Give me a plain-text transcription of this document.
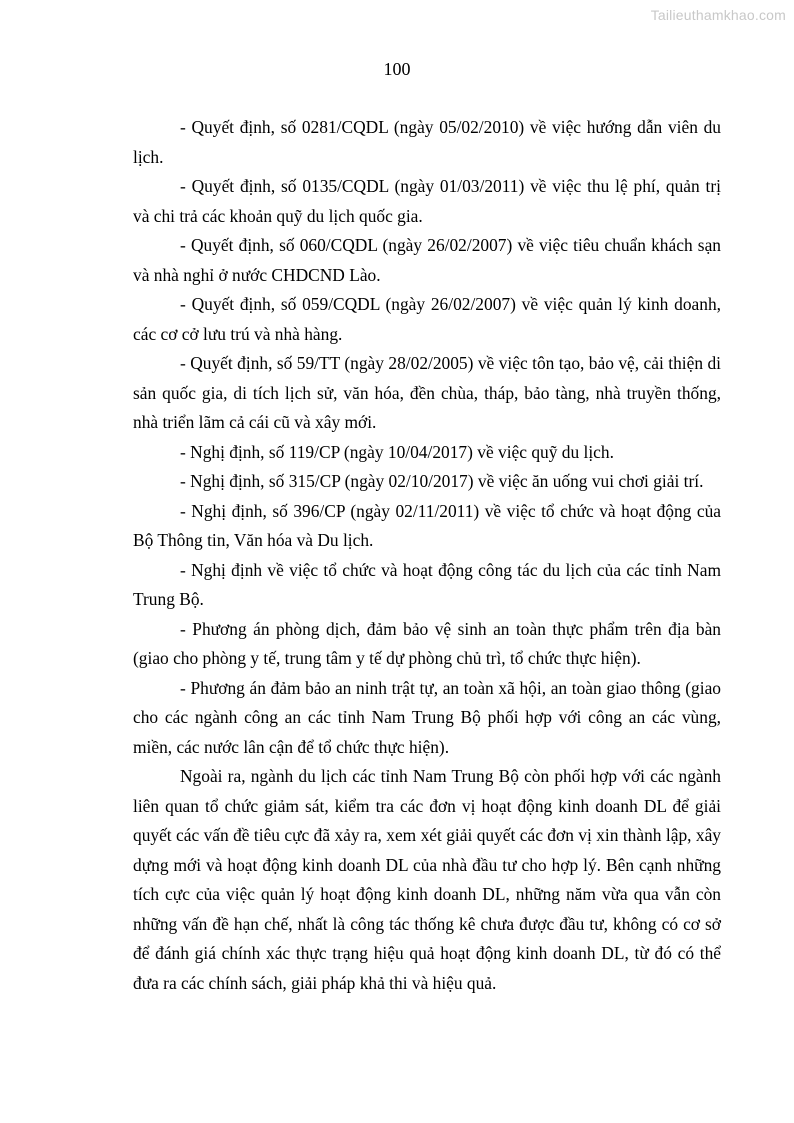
Tailieuthamkhao.com
100

- Quyết định, số 0281/CQDL (ngày 05/02/2010) về việc hướng dẫn viên du lịch.

- Quyết định, số 0135/CQDL (ngày 01/03/2011) về việc thu lệ phí, quản trị và chi trả các khoản quỹ du lịch quốc gia.

- Quyết định, số 060/CQDL (ngày 26/02/2007) về việc tiêu chuẩn khách sạn và nhà nghỉ ở nước CHDCND Lào.

- Quyết định, số 059/CQDL (ngày 26/02/2007) về việc quản lý kinh doanh, các cơ cở lưu trú và nhà hàng.

- Quyết định, số 59/TT (ngày 28/02/2005) về việc tôn tạo, bảo vệ, cải thiện di sản quốc gia, di tích lịch sử, văn hóa, đền chùa, tháp, bảo tàng, nhà truyền thống, nhà triển lãm cả cái cũ và xây mới.

- Nghị định, số 119/CP (ngày 10/04/2017) về việc quỹ du lịch.

- Nghị định, số 315/CP (ngày 02/10/2017) về việc ăn uống vui chơi giải trí.

- Nghị định, số 396/CP (ngày 02/11/2011) về việc tổ chức và hoạt động của Bộ Thông tin, Văn hóa và Du lịch.

- Nghị định về việc tổ chức và hoạt động công tác du lịch của các tỉnh Nam Trung Bộ.

- Phương án phòng dịch, đảm bảo vệ sinh an toàn thực phẩm trên địa bàn (giao cho phòng y tế, trung tâm y tế dự phòng chủ trì, tổ chức thực hiện).

- Phương án đảm bảo an ninh trật tự, an toàn xã hội, an toàn giao thông (giao cho các ngành công an các tỉnh Nam Trung Bộ phối hợp với công an các vùng, miền, các nước lân cận để tổ chức thực hiện).

Ngoài ra, ngành du lịch các tỉnh Nam Trung Bộ còn phối hợp với các ngành liên quan tổ chức giảm sát, kiểm tra các đơn vị hoạt động kinh doanh DL để giải quyết các vấn đề tiêu cực đã xảy ra, xem xét giải quyết các đơn vị xin thành lập, xây dựng mới và hoạt động kinh doanh DL của nhà đầu tư cho hợp lý. Bên cạnh những tích cực của việc quản lý hoạt động kinh doanh DL, những năm vừa qua vẫn còn những vấn đề hạn chế, nhất là công tác thống kê chưa được đầu tư, không có cơ sở để đánh giá chính xác thực trạng hiệu quả hoạt động kinh doanh DL, từ đó có thể đưa ra các chính sách, giải pháp khả thi và hiệu quả.
